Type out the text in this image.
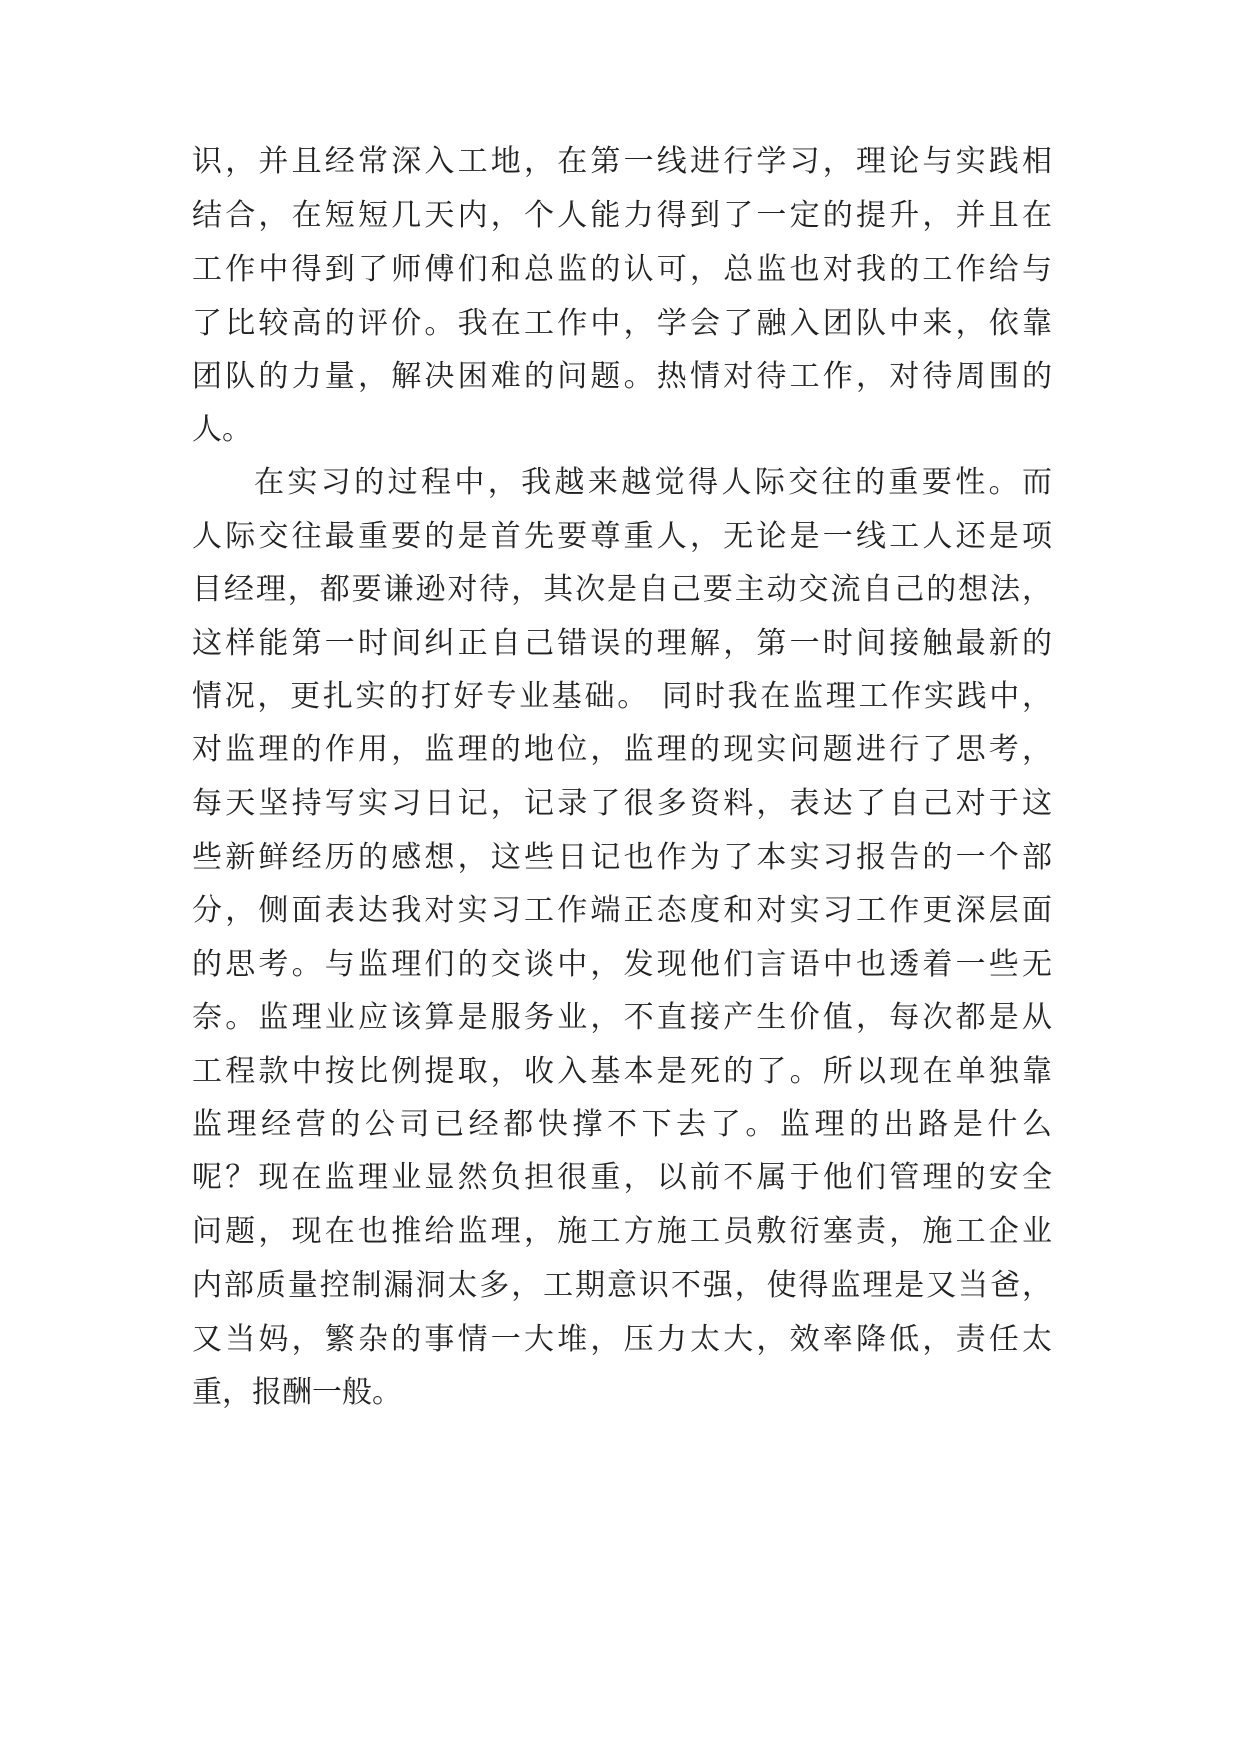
识，并且经常深入工地，在第一线进行学习，理论与实践相
结合，在短短几天内，个人能力得到了一定的提升，并且在
工作中得到了师傅们和总监的认可，总监也对我的工作给与
了比较高的评价。我在工作中，学会了融入团队中来，依靠
团队的力量，解决困难的问题。热情对待工作，对待周围的
人。
在实习的过程中，我越来越觉得人际交往的重要性。而
人际交往最重要的是首先要尊重人，无论是一线工人还是项
目经理，都要谦逊对待，其次是自己要主动交流自己的想法，
这样能第一时间纠正自己错误的理解，第一时间接触最新的
情况，更扎实的打好专业基础。 同时我在监理工作实践中，
对监理的作用，监理的地位，监理的现实问题进行了思考，
每天坚持写实习日记，记录了很多资料，表达了自己对于这
些新鲜经历的感想，这些日记也作为了本实习报告的一个部
分，侧面表达我对实习工作端正态度和对实习工作更深层面
的思考。与监理们的交谈中，发现他们言语中也透着一些无
奈。监理业应该算是服务业，不直接产生价值，每次都是从
工程款中按比例提取，收入基本是死的了。所以现在单独靠
监理经营的公司已经都快撑不下去了。监理的出路是什么
呢？现在监理业显然负担很重，以前不属于他们管理的安全
问题，现在也推给监理，施工方施工员敷衍塞责，施工企业
内部质量控制漏洞太多，工期意识不强，使得监理是又当爸，
又当妈，繁杂的事情一大堆，压力太大，效率降低，责任太
重，报酬一般。
